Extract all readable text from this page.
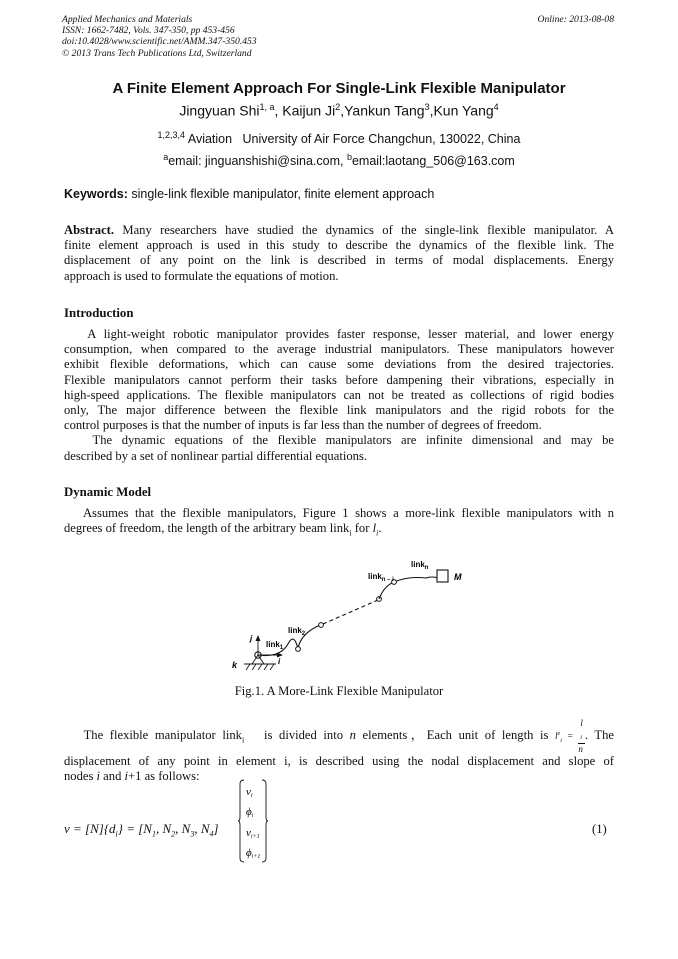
Applied Mechanics and Materials
ISSN: 1662-7482, Vols. 347-350, pp 453-456
doi:10.4028/www.scientific.net/AMM.347-350.453
© 2013 Trans Tech Publications Ltd, Switzerland
Online: 2013-08-08
A Finite Element Approach For Single-Link Flexible Manipulator
Jingyuan Shi$^{1, a}$, Kaijun Ji$^2$,Yankun Tang$^3$,Kun Yang$^4$
$^{1,2,3,4}$ Aviation   University of Air Force Changchun, 130022, China
$^a$email: jinguanshishi@sina.com, $^b$email:laotang_506@163.com
Keywords: single-link flexible manipulator, finite element approach
Abstract. Many researchers have studied the dynamics of the single-link flexible manipulator. A
finite element approach is used in this study to describe the dynamics of the flexible link. The
displacement of any point on the link is described in terms of modal displacements. Energy
approach is used to formulate the equations of motion.
Introduction
A light-weight robotic manipulator provides faster response, lesser material, and lower energy
consumption, when compared to the average industrial manipulators. These manipulators however
exhibit flexible deformations, which can cause some deviations from the desired trajectories.
Flexible manipulators cannot perform their tasks before dampening their vibrations, especially in
high-speed applications. The flexible manipulators can not be treated as collections of rigid bodies
only, The major difference between the flexible link manipulators and the rigid robots for the
control purposes is that the number of inputs is far less than the number of degrees of freedom.
The dynamic equations of the flexible manipulators are infinite dimensional and may be
described by a set of nonlinear partial differential equations.
Dynamic Model
Assumes that the flexible manipulators, Figure 1 shows a more-link flexible manipulators with n
degrees of freedom, the length of the arbitrary beam link$_i$ for $l_i$.
link$_n$
link$_{n - i}$	M
link$_2$
link$_1$
k	i
j
Fig.1. A More-Link Flexible Manipulator
The flexible manipulator link$_i$   is divided into n elements，Each unit of length is $l^e_i = l$
$_i$
n . The
displacement of any point in element i, is described using the nodal displacement and slope of
nodes i and i+1 as follows:
$v = [N]\{d_i\} = [N_1$, $N_2$, $N_3$, $N_4$]
vi
ϕi
vi+1
ϕi+1
(1)
